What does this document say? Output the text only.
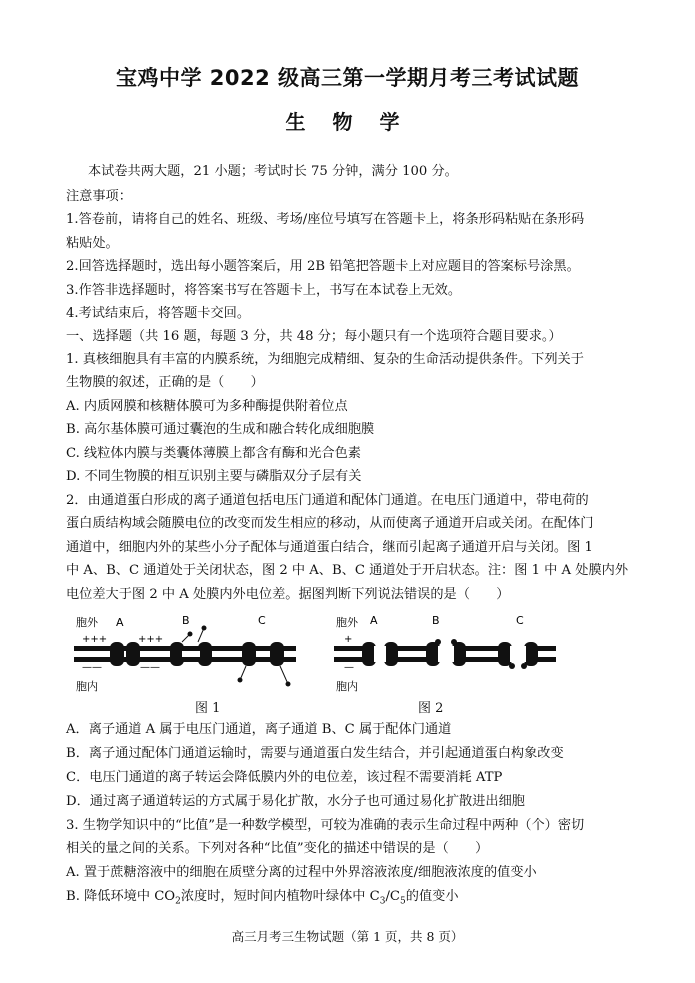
宝鸡中学 2022 级高三第一学期月考三考试试题
生 物 学
本试卷共两大题，21 小题；考试时长 75 分钟，满分 100 分。
注意事项：
1.答卷前，请将自己的姓名、班级、考场/座位号填写在答题卡上，将条形码粘贴在条形码
粘贴处。
2.回答选择题时，选出每小题答案后，用 2B 铅笔把答题卡上对应题目的答案标号涂黑。
3.作答非选择题时，将答案书写在答题卡上，书写在本试卷上无效。
4.考试结束后，将答题卡交回。
一、选择题（共 16 题，每题 3 分，共 48 分；每小题只有一个选项符合题目要求。）
1. 真核细胞具有丰富的内膜系统，为细胞完成精细、复杂的生命活动提供条件。下列关于
生物膜的叙述，正确的是（　　）
A. 内质网膜和核糖体膜可为多种酶提供附着位点
B. 高尔基体膜可通过囊泡的生成和融合转化成细胞膜
C. 线粒体内膜与类囊体薄膜上都含有酶和光合色素
D. 不同生物膜的相互识别主要与磷脂双分子层有关
2．由通道蛋白形成的离子通道包括电压门通道和配体门通道。在电压门通道中，带电荷的
蛋白质结构域会随膜电位的改变而发生相应的移动，从而使离子通道开启或关闭。在配体门
通道中，细胞内外的某些小分子配体与通道蛋白结合，继而引起离子通道开启与关闭。图 1
中 A、B、C 通道处于关闭状态，图 2 中 A、B、C 通道处于开启状态。注：图 1 中 A 处膜内外
电位差大于图 2 中 A 处膜内外电位差。据图判断下列说法错误的是（　　）
胞外 A	B	C
+++	+++
——	——
胞内
胞外 A	B	C
+
—
胞内
图 1	图 2
A．离子通道 A 属于电压门通道，离子通道 B、C 属于配体门通道
B．离子通过配体门通道运输时，需要与通道蛋白发生结合，并引起通道蛋白构象改变
C．电压门通道的离子转运会降低膜内外的电位差，该过程不需要消耗 ATP
D．通过离子通道转运的方式属于易化扩散，水分子也可通过易化扩散进出细胞
3. 生物学知识中的“比值”是一种数学模型，可较为准确的表示生命过程中两种（个）密切
相关的量之间的关系。下列对各种“比值”变化的描述中错误的是（　　）
A. 置于蔗糖溶液中的细胞在质壁分离的过程中外界溶液浓度/细胞液浓度的值变小
B. 降低环境中 $CO_2$浓度时，短时间内植物叶绿体中 $C_3/C_5$的值变小
高三月考三生物试题（第 1 页，共 8 页）
